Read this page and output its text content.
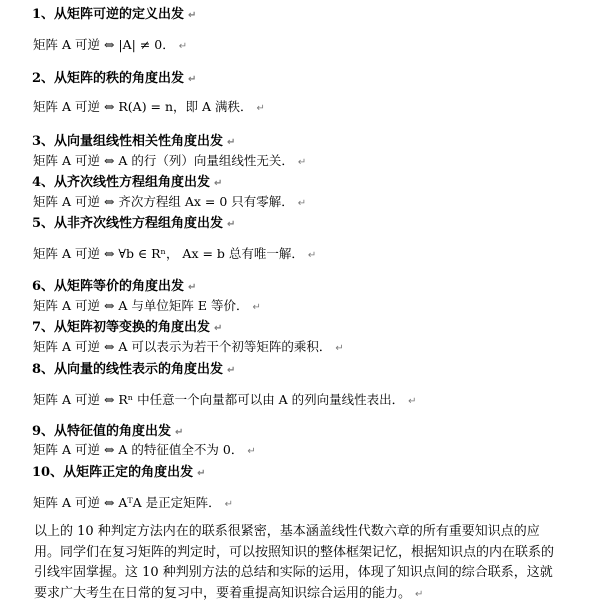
1、从矩阵可逆的定义出发 ↵
矩阵 A 可逆 ⇔ |A| ≠ 0． ↵
2、从矩阵的秩的角度出发 ↵
矩阵 A 可逆 ⇔ R(A) = n，即 A 满秩． ↵
3、从向量组线性相关性角度出发 ↵
矩阵 A 可逆 ⇔ A 的行（列）向量组线性无关． ↵
4、从齐次线性方程组角度出发 ↵
矩阵 A 可逆 ⇔ 齐次方程组 Ax = 0 只有零解． ↵
5、从非齐次线性方程组角度出发 ↵
矩阵 A 可逆 ⇔ ∀b ∈ Rⁿ， Ax = b 总有唯一解． ↵
6、从矩阵等价的角度出发 ↵
矩阵 A 可逆 ⇔ A 与单位矩阵 E 等价． ↵
7、从矩阵初等变换的角度出发 ↵
矩阵 A 可逆 ⇔ A 可以表示为若干个初等矩阵的乘积． ↵
8、从向量的线性表示的角度出发 ↵
矩阵 A 可逆 ⇔ Rⁿ 中任意一个向量都可以由 A 的列向量线性表出． ↵
9、从特征值的角度出发 ↵
矩阵 A 可逆 ⇔ A 的特征值全不为 0． ↵
10、从矩阵正定的角度出发 ↵
矩阵 A 可逆 ⇔ AᵀA 是正定矩阵． ↵
以上的 10 种判定方法内在的联系很紧密，基本涵盖线性代数六章的所有重要知识点的应用。同学们在复习矩阵的判定时，可以按照知识的整体框架记忆，根据知识点的内在联系的引线牢固掌握。这 10 种判别方法的总结和实际的运用，体现了知识点间的综合联系，这就要求广大考生在日常的复习中，要着重提高知识综合运用的能力。 ↵
